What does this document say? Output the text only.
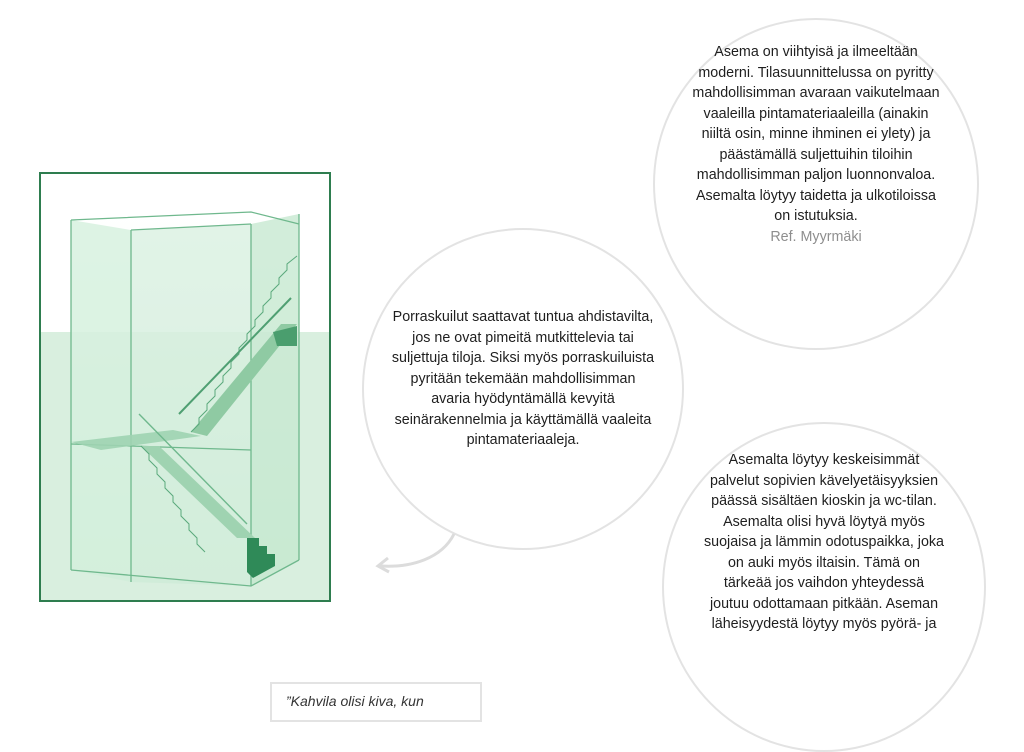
Asema on viihtyisä ja ilmeeltään moderni. Tilasuunnittelussa on pyritty mahdollisimman avaraan vaikutelmaan vaaleilla pintamateriaaleilla (ainakin niiltä osin, minne ihminen ei ylety) ja päästämällä suljettuihin tiloihin mahdollisimman paljon luonnonvaloa. Asemalta löytyy taidetta ja ulkotiloissa on istutuksia.
Ref. Myyrmäki
Porraskuilut saattavat tuntua ahdistavilta, jos ne ovat pimeitä mutkittelevia tai suljettuja tiloja. Siksi myös porraskuiluista pyritään tekemään mahdollisimman avaria hyödyntämällä kevyitä seinärakennelmia ja käyttämällä vaaleita pintamateriaaleja.
Asemalta löytyy keskeisimmät palvelut sopivien kävelyetäisyyksien päässä sisältäen kioskin ja wc-tilan. Asemalta olisi hyvä löytyä myös suojaisa ja lämmin odotuspaikka, joka on auki myös iltaisin. Tämä on tärkeää jos vaihdon yhteydessä joutuu odottamaan pitkään. Aseman läheisyydestä löytyy myös pyörä- ja
”Kahvila olisi kiva, kun
